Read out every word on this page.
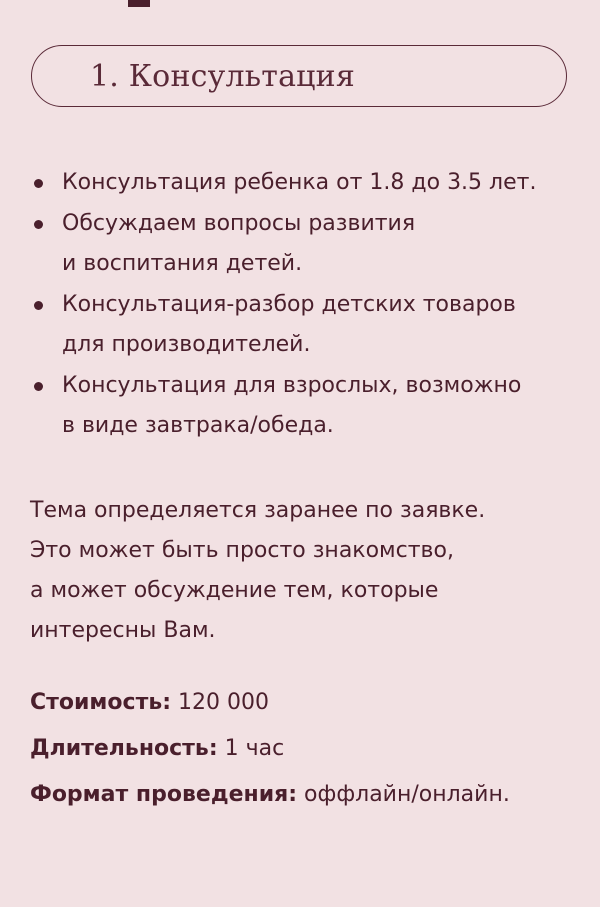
1. Консультация
Консультация ребенка от 1.8 до 3.5 лет.
Обсуждаем вопросы развития
и воспитания детей.
Консультация-разбор детских товаров
для производителей.
Консультация для взрослых, возможно
в виде завтрака/обеда.
Тема определяется заранее по заявке.
Это может быть просто знакомство,
а может обсуждение тем, которые
интересны Вам.
Стоимость: 120 000
Длительность: 1 час
Формат проведения: оффлайн/онлайн.
